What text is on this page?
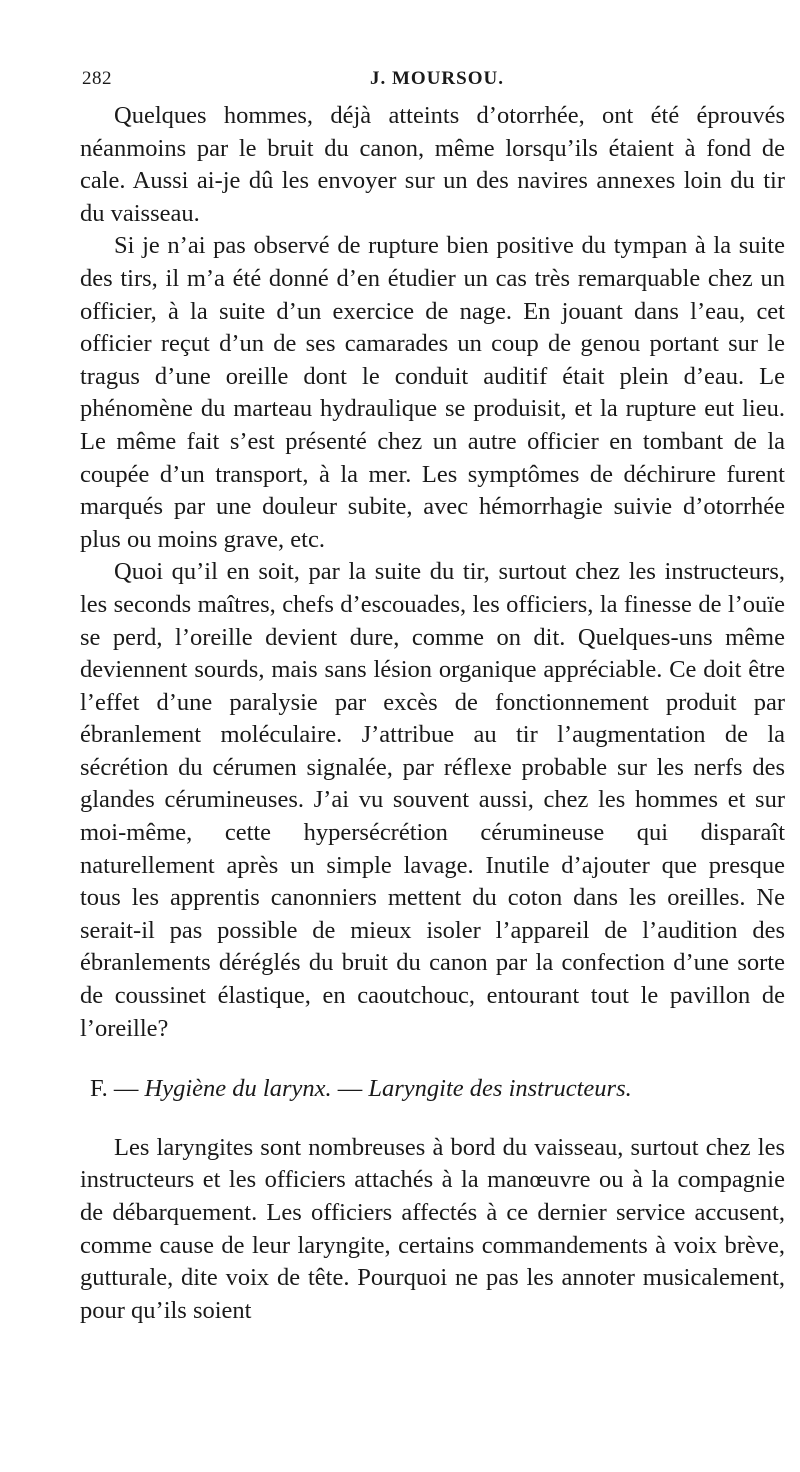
282	J. MOURSOU.

Quelques hommes, déjà atteints d’otorrhée, ont été éprouvés néanmoins par le bruit du canon, même lorsqu’ils étaient à fond de cale. Aussi ai-je dû les envoyer sur un des navires annexes loin du tir du vaisseau.

Si je n’ai pas observé de rupture bien positive du tympan à la suite des tirs, il m’a été donné d’en étudier un cas très remarquable chez un officier, à la suite d’un exercice de nage. En jouant dans l’eau, cet officier reçut d’un de ses camarades un coup de genou portant sur le tragus d’une oreille dont le conduit auditif était plein d’eau. Le phénomène du marteau hydraulique se produisit, et la rupture eut lieu. Le même fait s’est présenté chez un autre officier en tombant de la coupée d’un transport, à la mer. Les symptômes de déchirure furent marqués par une douleur subite, avec hémorrhagie suivie d’otorrhée plus ou moins grave, etc.

Quoi qu’il en soit, par la suite du tir, surtout chez les instructeurs, les seconds maîtres, chefs d’escouades, les officiers, la finesse de l’ouïe se perd, l’oreille devient dure, comme on dit. Quelques-uns même deviennent sourds, mais sans lésion organique appréciable. Ce doit être l’effet d’une paralysie par excès de fonctionnement produit par ébranlement moléculaire. J’attribue au tir l’augmentation de la sécrétion du cérumen signalée, par réflexe probable sur les nerfs des glandes cérumineuses. J’ai vu souvent aussi, chez les hommes et sur moi-même, cette hypersécrétion cérumineuse qui disparaît naturellement après un simple lavage. Inutile d’ajouter que presque tous les apprentis canonniers mettent du coton dans les oreilles. Ne serait-il pas possible de mieux isoler l’appareil de l’audition des ébranlements déréglés du bruit du canon par la confection d’une sorte de coussinet élastique, en caoutchouc, entourant tout le pavillon de l’oreille?

F. — Hygiène du larynx. — Laryngite des instructeurs.

Les laryngites sont nombreuses à bord du vaisseau, surtout chez les instructeurs et les officiers attachés à la manœuvre ou à la compagnie de débarquement. Les officiers affectés à ce dernier service accusent, comme cause de leur laryngite, certains commandements à voix brève, gutturale, dite voix de tête. Pourquoi ne pas les annoter musicalement, pour qu’ils soient
